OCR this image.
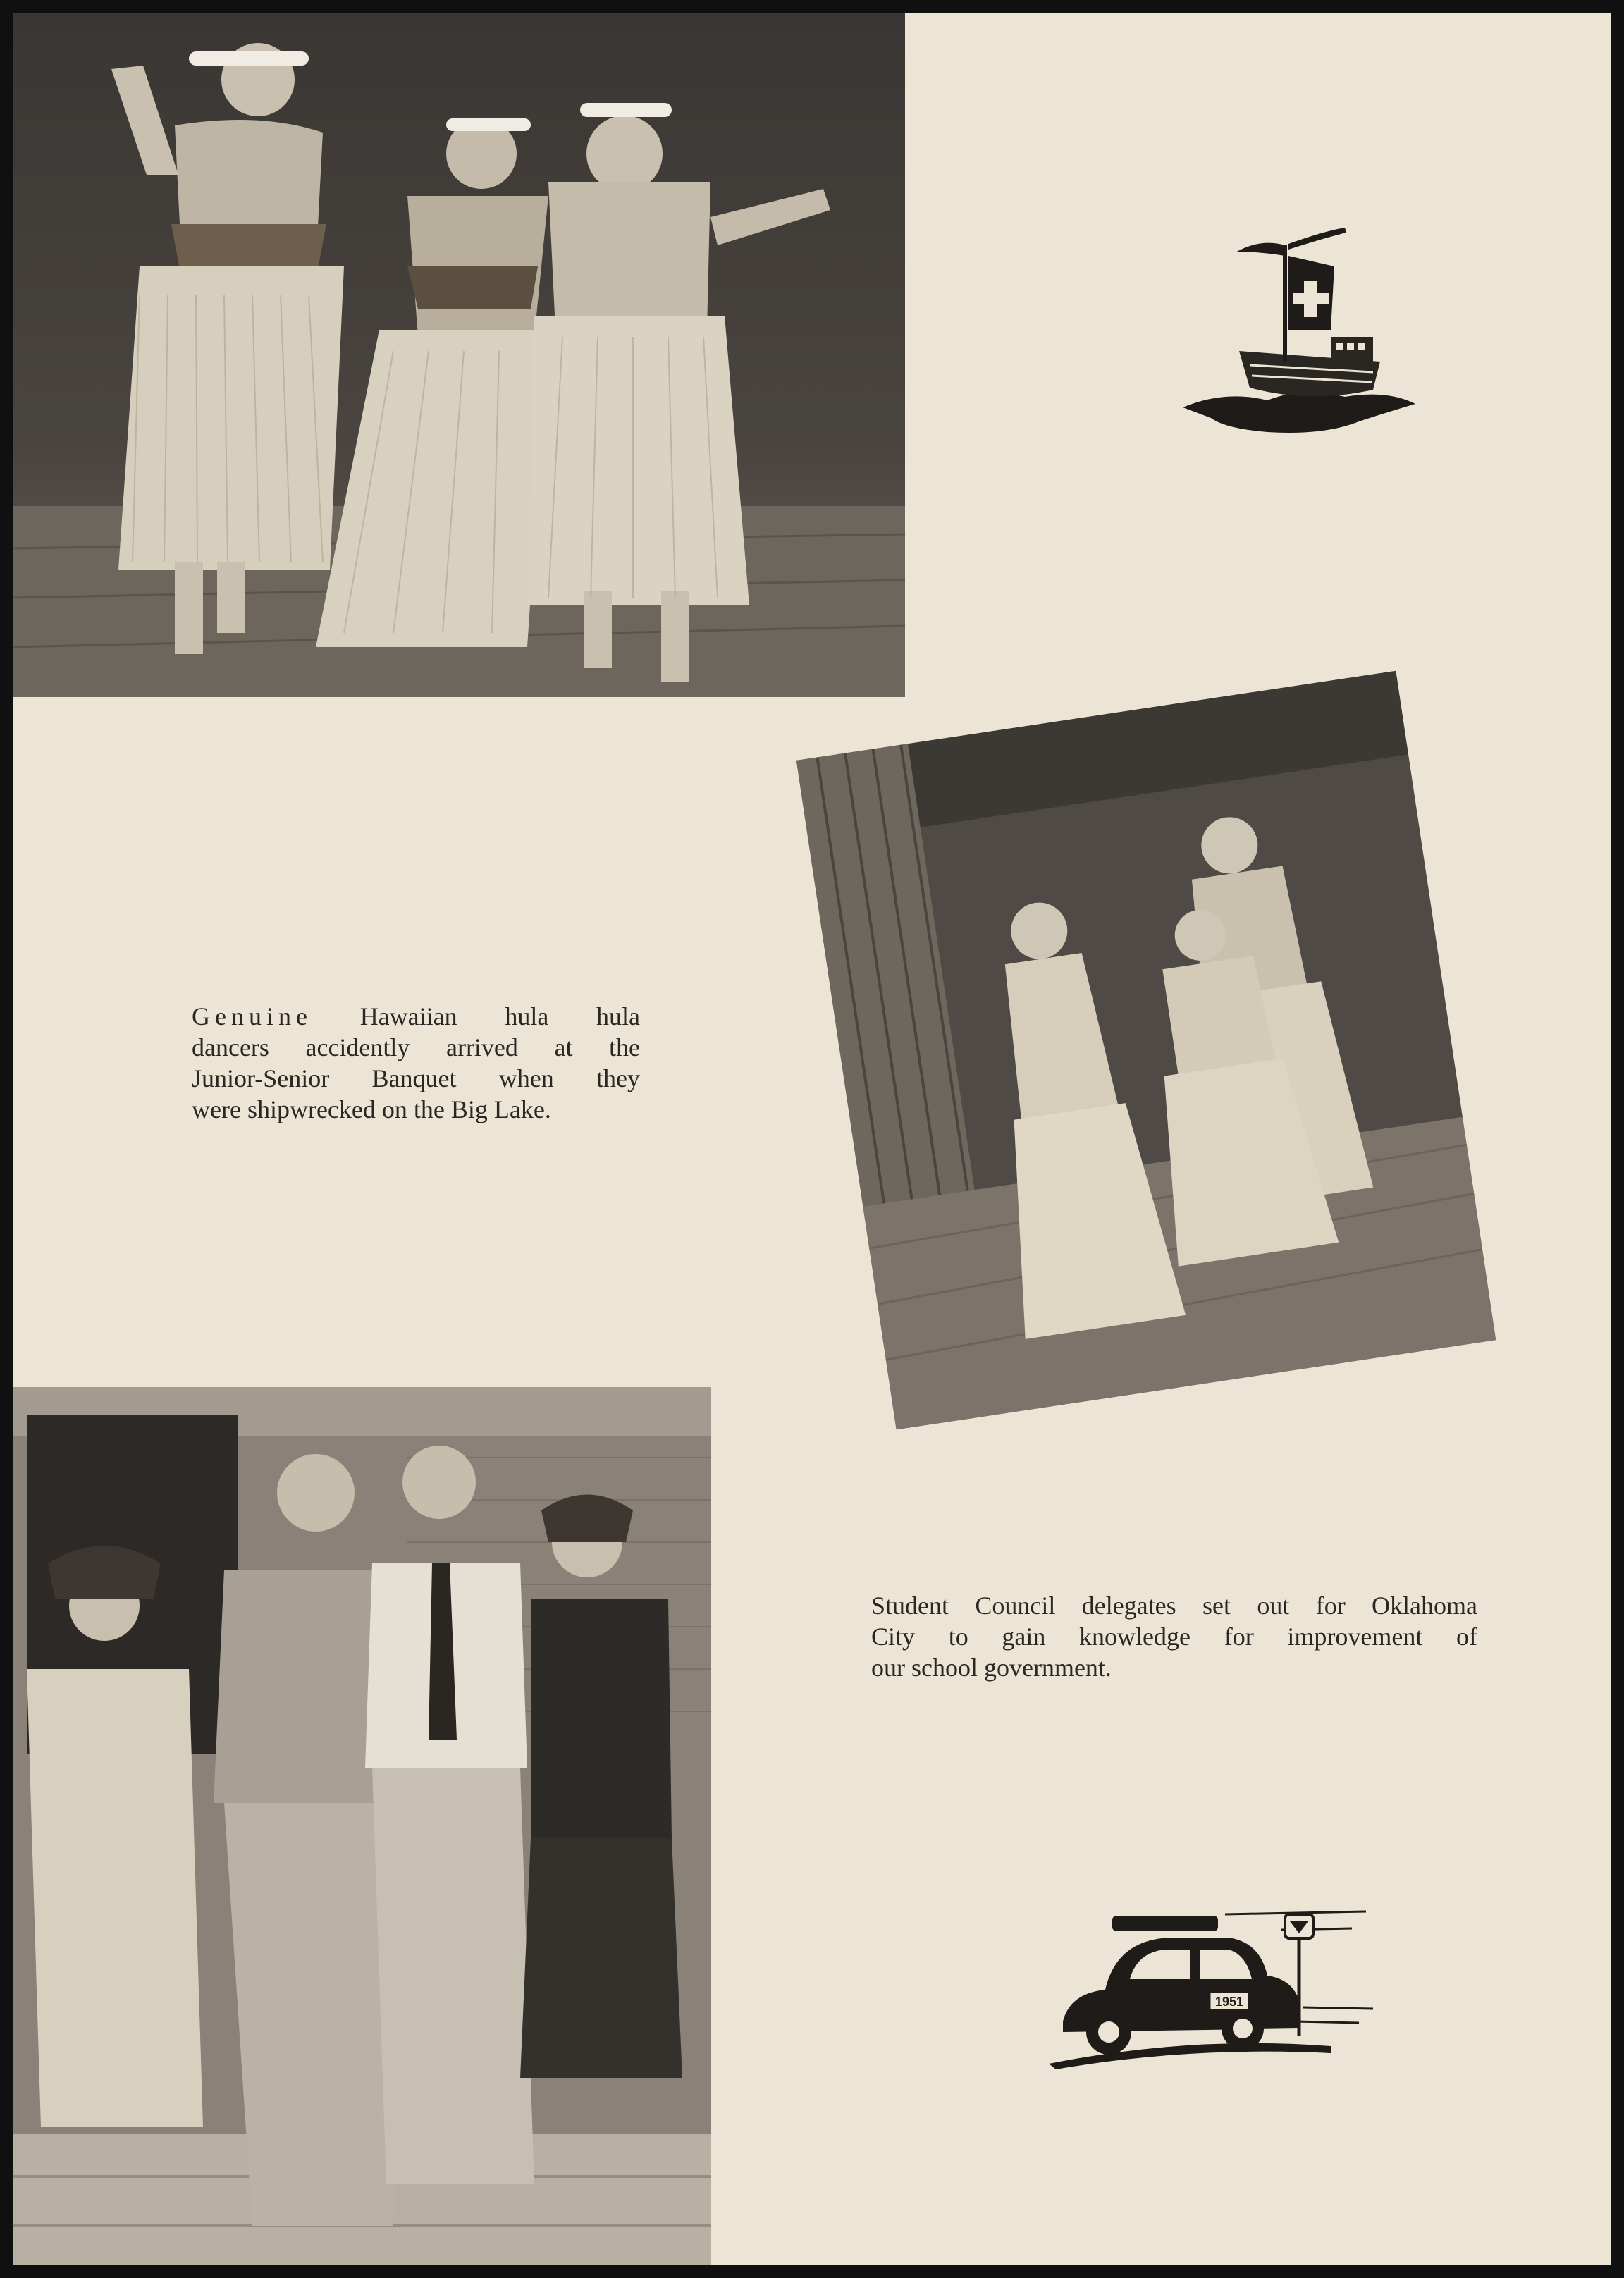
Genuine Hawaiian hula hula
dancers accidently arrived at the
Junior-Senior Banquet when they
were shipwrecked on the Big Lake.
Student Council delegates set out for Oklahoma
City to gain knowledge for improvement of
our school government.
1951
